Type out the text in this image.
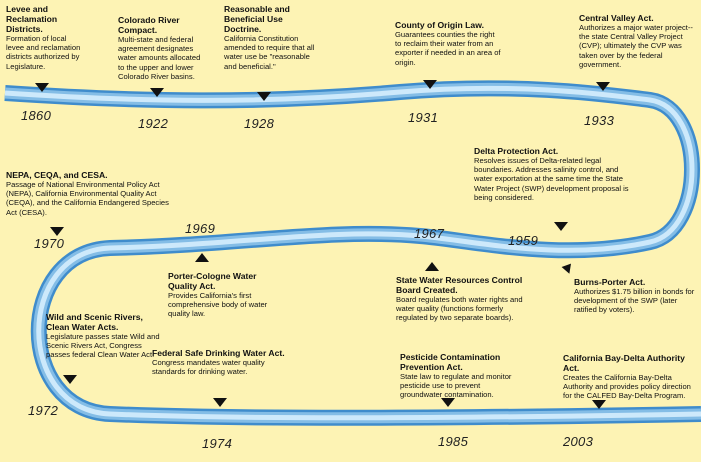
Levee and Reclamation Districts.
Formation of local levee and reclamation districts authorized by Legislature.
Colorado River Compact.
Multi-state and federal agreement designates water amounts allocated to the upper and lower Colorado River basins.
Reasonable and Beneficial Use Doctrine.
California Constitution amended to require that all water use be "reasonable and beneficial."
County of Origin Law.
Guarantees counties the right to reclaim their water from an exporter if needed in an area of origin.
Central Valley Act.
Authorizes a major water project--the state Central Valley Project (CVP); ultimately the CVP was taken over by the federal government.
Delta Protection Act.
Resolves issues of Delta-related legal boundaries. Addresses salinity control, and water exportation at the same time the State Water Project (SWP) development proposal is being considered.
Burns-Porter Act.
Authorizes $1.75 billion in bonds for development of the SWP (later ratified by voters).
State Water Resources Control Board Created.
Board regulates both water rights and water quality (functions formerly regulated by two separate boards).
Porter-Cologne Water Quality Act.
Provides California's first comprehensive body of water quality law.
NEPA, CEQA, and CESA.
Passage of National Environmental Policy Act (NEPA), California Environmental Quality Act (CEQA), and the California Endangered Species Act (CESA).
Wild and Scenic Rivers, Clean Water Acts.
Legislature passes state Wild and Scenic Rivers Act, Congress passes federal Clean Water Act.
Federal Safe Drinking Water Act.
Congress mandates water quality standards for drinking water.
Pesticide Contamination Prevention Act.
State law to regulate and monitor pesticide use to prevent groundwater contamination.
California Bay-Delta Authority Act.
Creates the California Bay-Delta Authority and provides policy direction for the CALFED Bay-Delta Program.
1860
1922	1928	1931	1933
1959
1967
1969
1970
1972
1974	1985	2003
